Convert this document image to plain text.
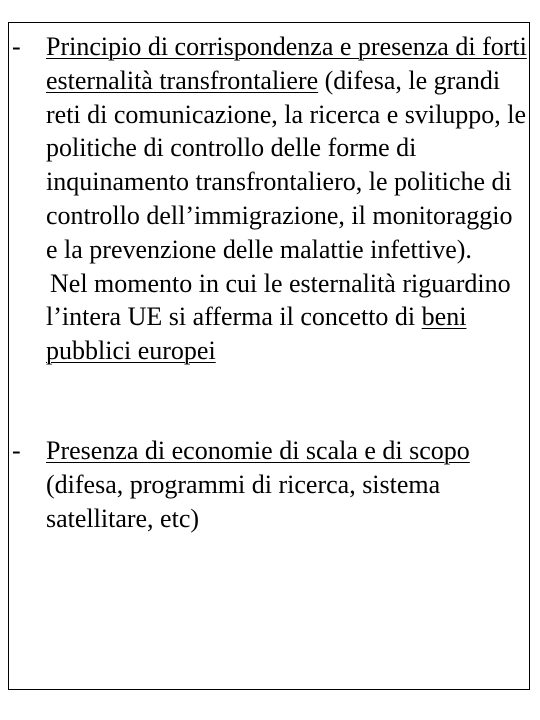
- Principio di corrispondenza e presenza di forti esternalità transfrontaliere (difesa, le grandi reti di comunicazione, la ricerca e sviluppo, le politiche di controllo delle forme di inquinamento transfrontaliero, le politiche di controllo dell’immigrazione, il monitoraggio e la prevenzione delle malattie infettive).
Nel momento in cui le esternalità riguardino l’intera UE si afferma il concetto di beni pubblici europei
- Presenza di economie di scala e di scopo (difesa, programmi di ricerca, sistema satellitare, etc)
